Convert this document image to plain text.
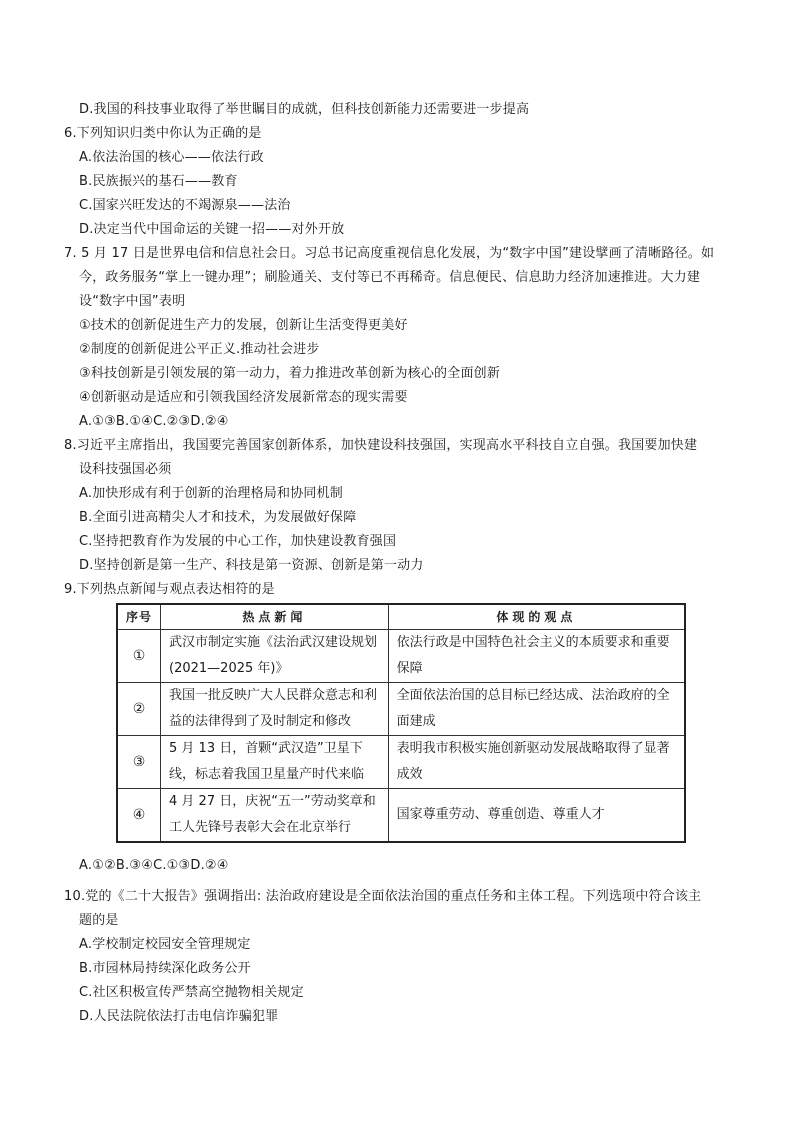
D.我国的科技事业取得了举世瞩目的成就，但科技创新能力还需要进一步提高
6.下列知识归类中你认为正确的是
A.依法治国的核心——依法行政
B.民族振兴的基石——教育
C.国家兴旺发达的不竭源泉——法治
D.决定当代中国命运的关键一招——对外开放
7. 5 月 17 日是世界电信和信息社会日。习总书记高度重视信息化发展，为“数字中国”建设擘画了清晰路径。如
今，政务服务“掌上一键办理”；刷脸通关、支付等已不再稀奇。信息便民、信息助力经济加速推进。大力建
设“数字中国”表明
①技术的创新促进生产力的发展，创新让生活变得更美好
②制度的创新促进公平正义.推动社会进步
③科技创新是引领发展的第一动力，着力推进改革创新为核心的全面创新
④创新驱动是适应和引领我国经济发展新常态的现实需要
A.①③B.①④C.②③D.②④
8.习近平主席指出，我国要完善国家创新体系，加快建设科技强国，实现高水平科技自立自强。我国要加快建
设科技强国必须
A.加快形成有利于创新的治理格局和协同机制
B.全面引进高精尖人才和技术，为发展做好保障
C.坚持把教育作为发展的中心工作，加快建设教育强国
D.坚持创新是第一生产、科技是第一资源、创新是第一动力
9.下列热点新闻与观点表达相符的是
序号	热点新闻	体现的观点
①	武汉市制定实施《法治武汉建设规划(2021—2025 年)》	依法行政是中国特色社会主义的本质要求和重要保障

②	我国一批反映广大人民群众意志和利益的法律得到了及时制定和修改	全面依法治国的总目标已经达成、法治政府的全面建成

③	5 月 13 日，首颗“武汉造”卫星下线，标志着我国卫星量产时代来临	表明我市积极实施创新驱动发展战略取得了显著成效

④	4 月 27 日，庆祝“五一”劳动奖章和工人先锋号表彰大会在北京举行	国家尊重劳动、尊重创造、尊重人才
A.①②B.③④C.①③D.②④
10.党的《二十大报告》强调指出: 法治政府建设是全面依法治国的重点任务和主体工程。下列选项中符合该主
题的是
A.学校制定校园安全管理规定
B.市园林局持续深化政务公开
C.社区积极宣传严禁高空抛物相关规定
D.人民法院依法打击电信诈骗犯罪
